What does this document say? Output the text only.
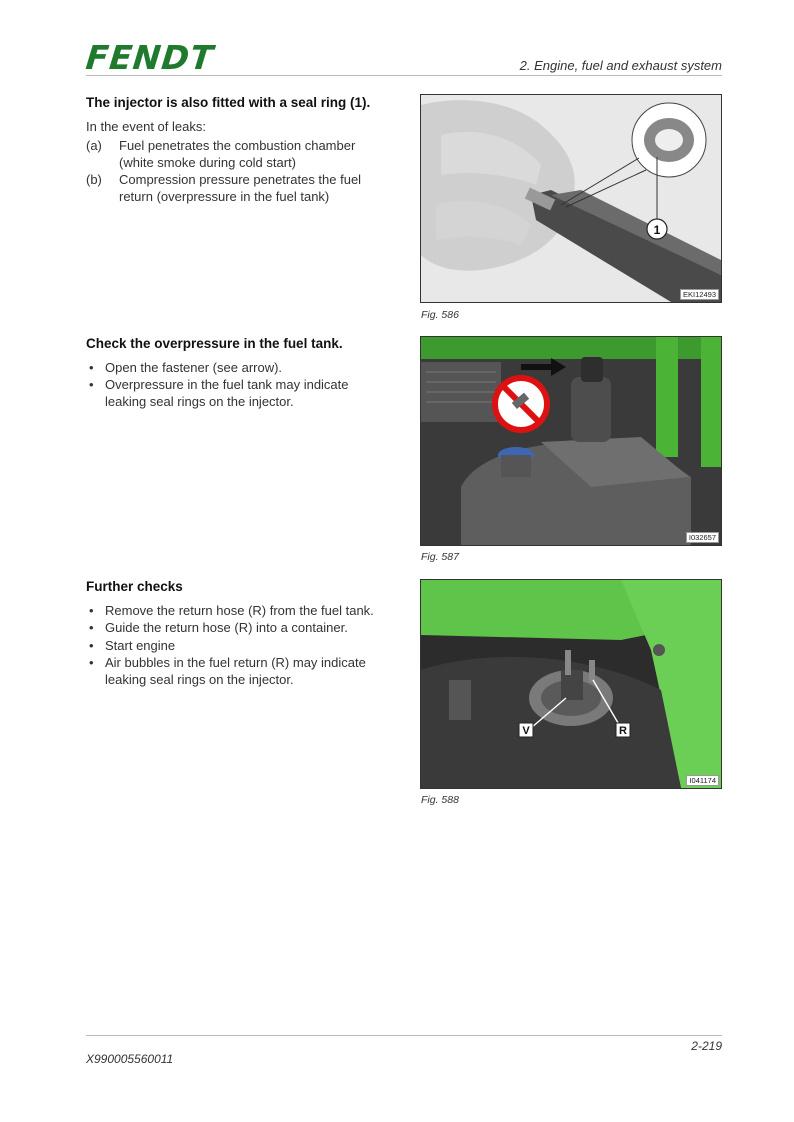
FENDT	2. Engine, fuel and exhaust system
The injector is also fitted with a seal ring (1).

In the event of leaks:

(a) Fuel penetrates the combustion chamber (white smoke during cold start)
(b) Compression pressure penetrates the fuel return (overpressure in the fuel tank)
1
EKI12493
Fig. 586
Check the overpressure in the fuel tank.
• Open the fastener (see arrow).
• Overpressure in the fuel tank may indicate leaking seal rings on the injector.
I032657
Fig. 587
Further checks
• Remove the return hose (R) from the fuel tank.
• Guide the return hose (R) into a container.
• Start engine
• Air bubbles in the fuel return (R) may indicate leaking seal rings on the injector.
V	R
I041174
Fig. 588
2-219
X990005560011
